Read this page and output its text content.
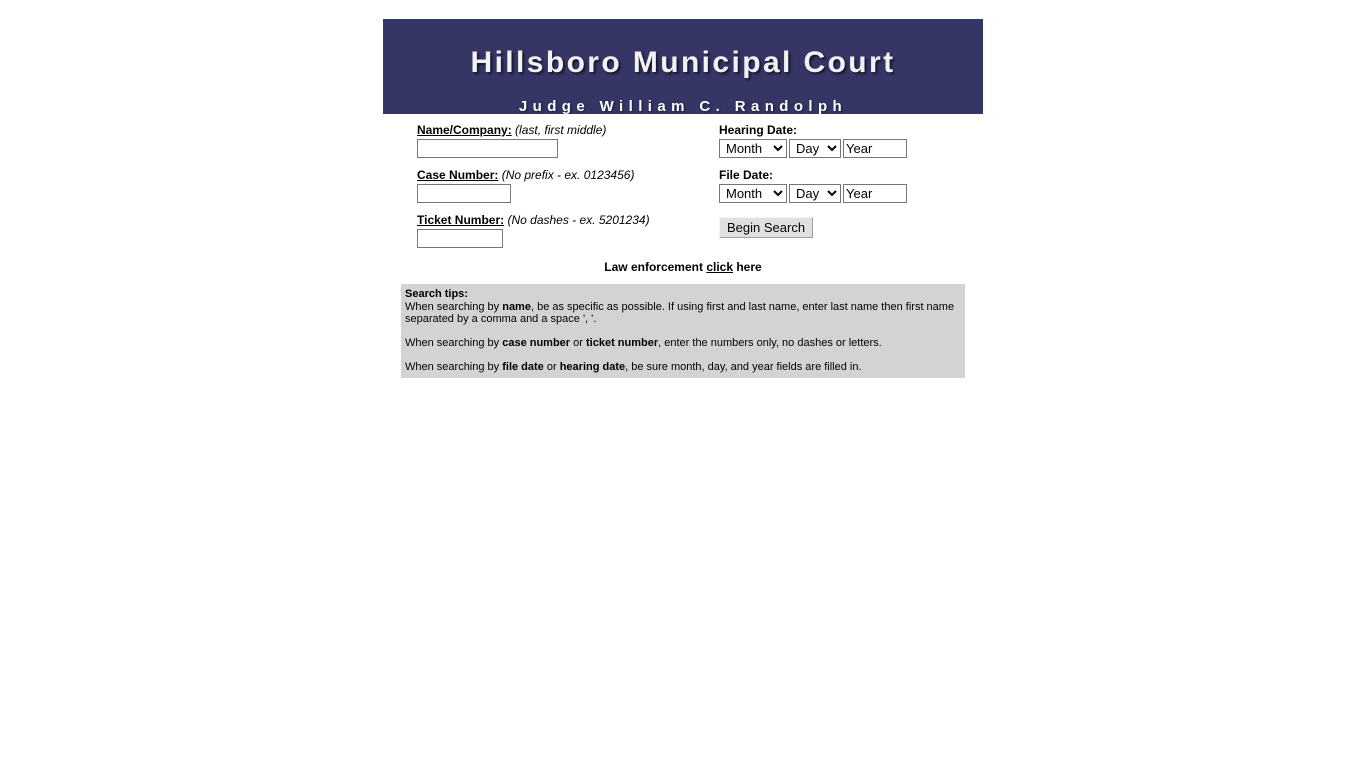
Hillsboro Municipal Court
Judge William C. Randolph
Name/Company: (last, first middle)
Case Number: (No prefix - ex. 0123456)
Ticket Number: (No dashes - ex. 5201234)
Hearing Date:
Month
Day
Year
File Date:
Month
Day
Year
Begin Search
Law enforcement click here
Search tips:

When searching by name, be as specific as possible. If using first and last name, enter last name then first name separated by a comma and a space ', '.

When searching by case number or ticket number, enter the numbers only, no dashes or letters.

When searching by file date or hearing date, be sure month, day, and year fields are filled in.
